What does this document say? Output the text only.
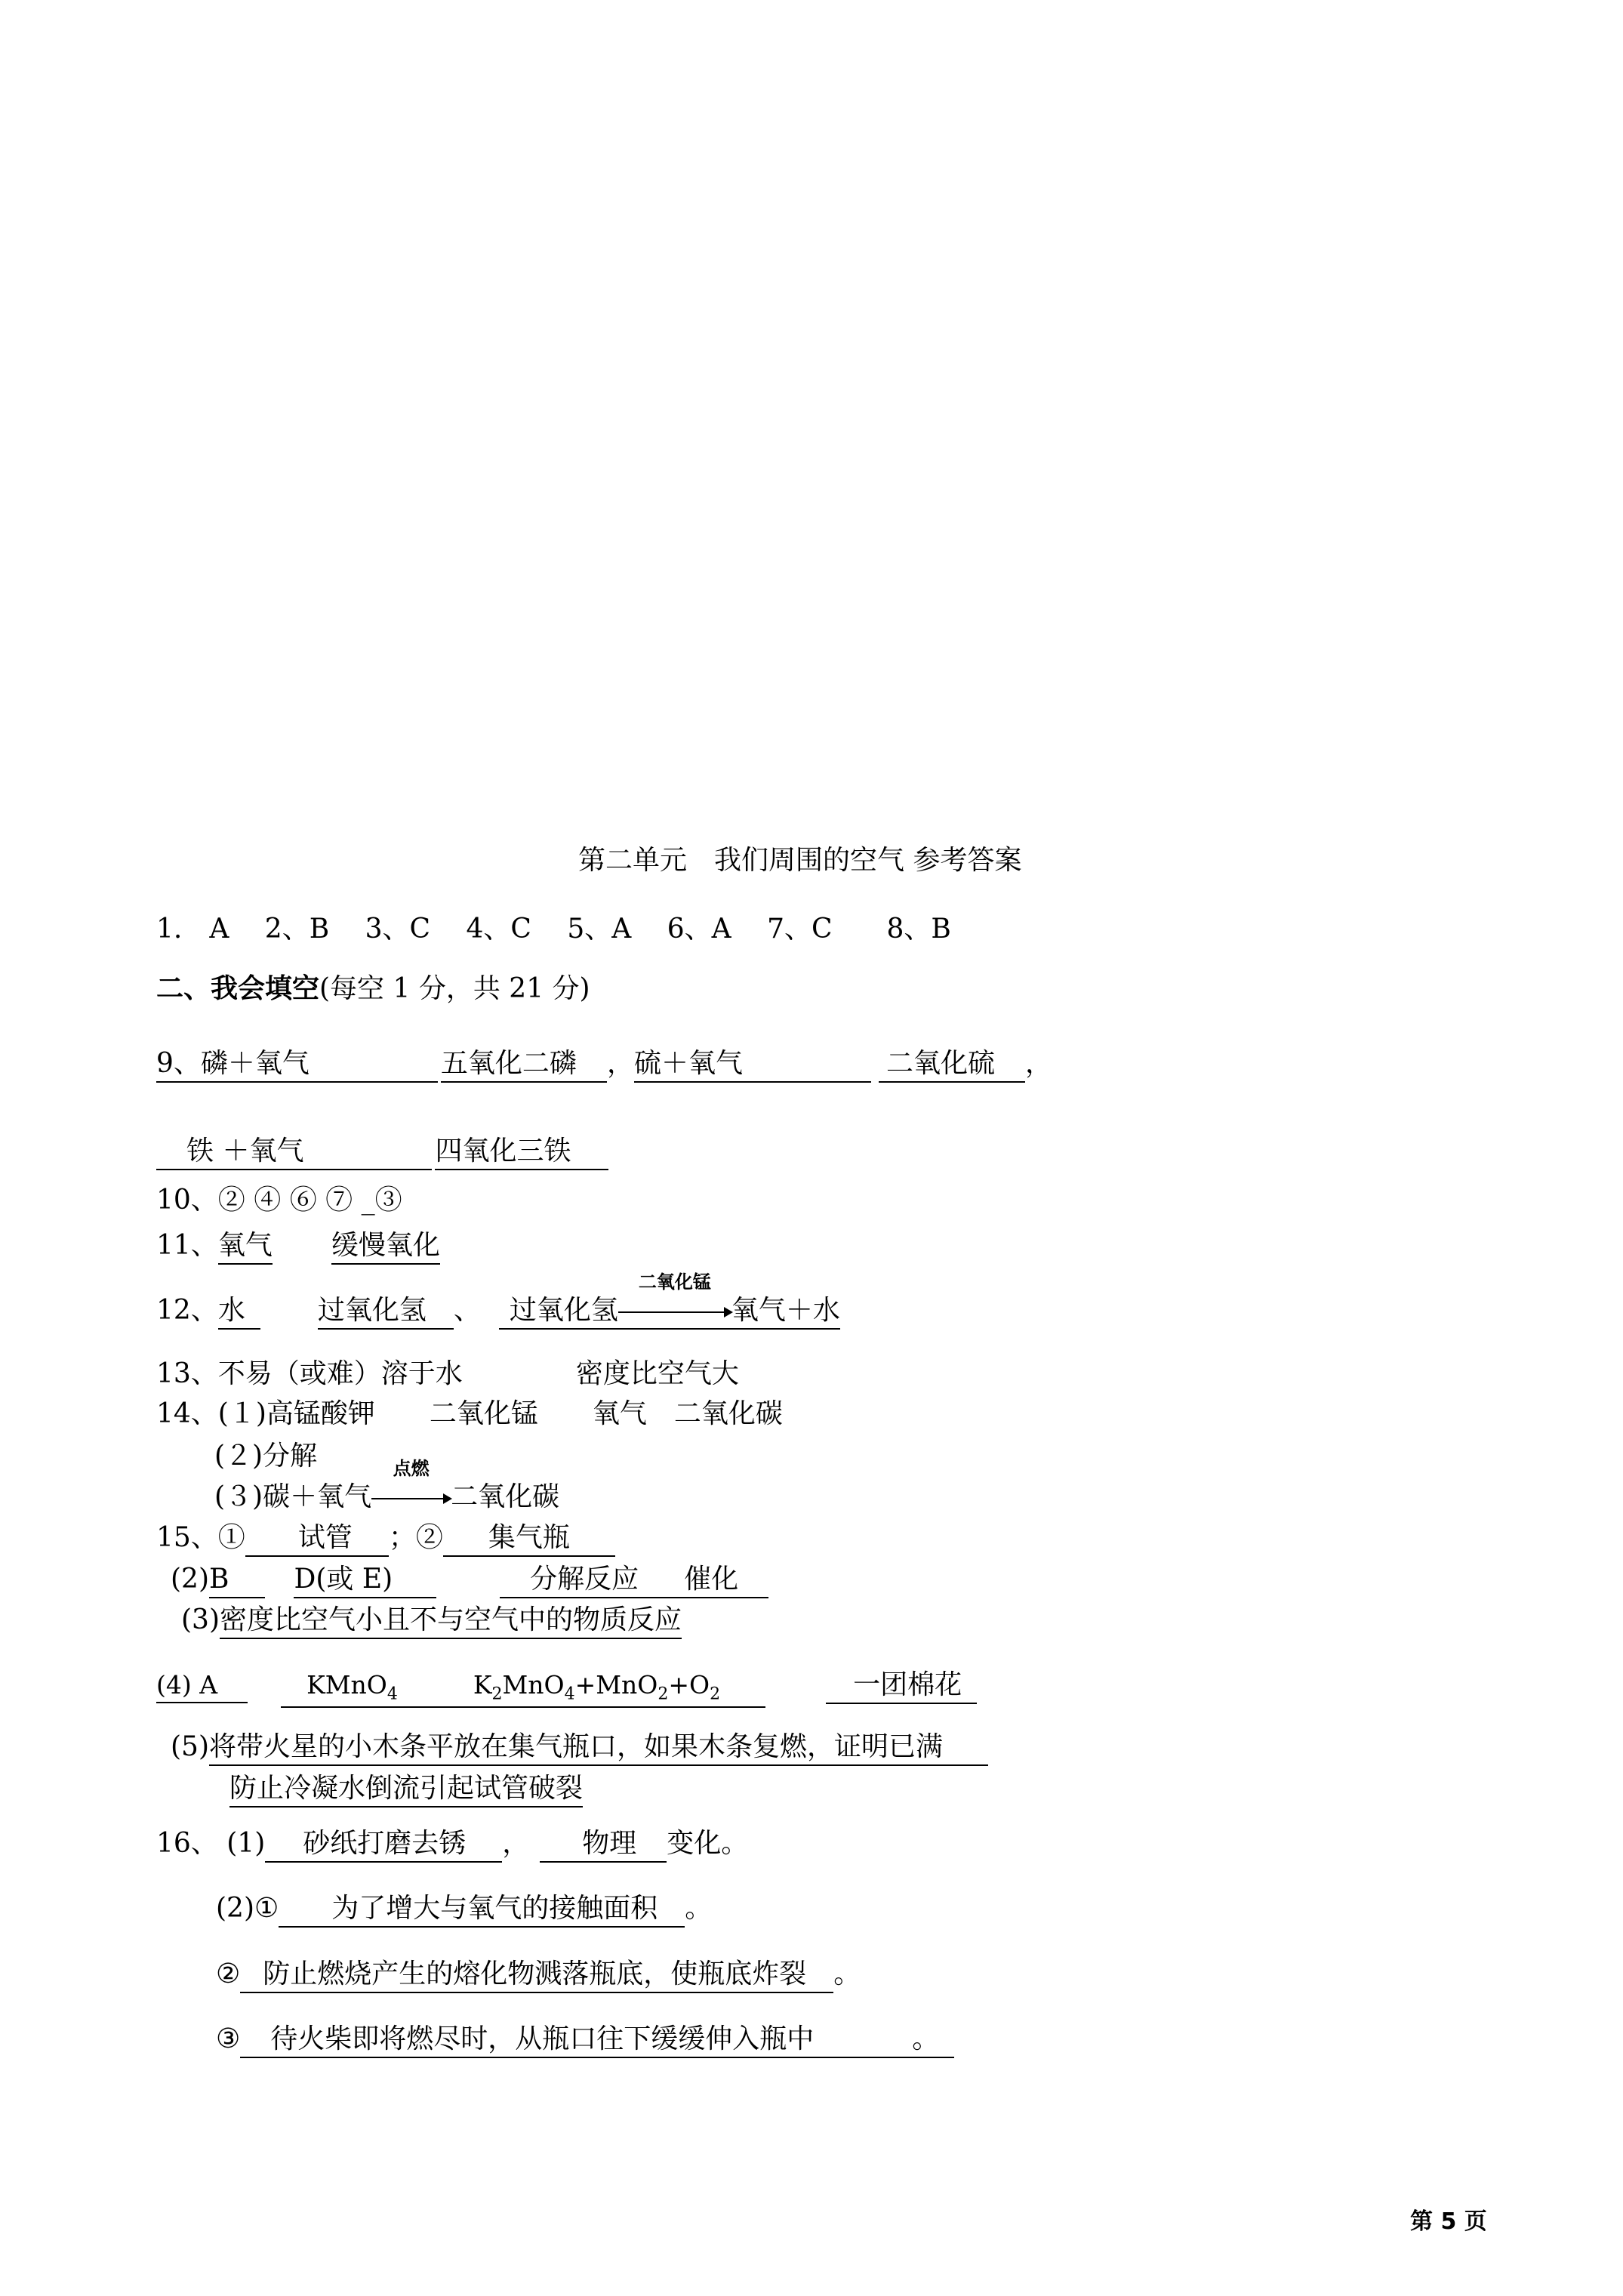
第二单元　我们周围的空气 参考答案
1.　A　 2、B　 3、C　 4、C　 5、A　 6、A　 7、C　　8、B
二、我会填空(每空 1 分，共 21 分)
9、磷＋氧气	五氧化二磷 ，硫＋氧气	二氧化硫 ，
铁 ＋氧气	四氧化三铁
10、② ④ ⑥ ⑦ _③
11、氧气 缓慢氧化
12、水	过氧化氢 、 过氧化氢
二氧化锰
氧气＋水
13、不易（或难）溶于水	密度比空气大
14、(１)高锰酸钾　　二氧化锰　　氧气　二氧化碳
(２)分解
(３)碳＋氧气
点燃
二氧化碳
15、① 试管 ；② 集气瓶
(2)B D(或 E)	分解反应 催化
(3)密度比空气小且不与空气中的物质反应
(4) A	KMnO$_4$	$K_2MnO_4+MnO_2+O_2$	一团棉花
(5)将带火星的小木条平放在集气瓶口，如果木条复燃，证明已满
防止冷凝水倒流引起试管破裂
16、 (1) 砂纸打磨去锈 ， 物理 变化。
(2)① 为了增大与氧气的接触面积 。
② 防止燃烧产生的熔化物溅落瓶底，使瓶底炸裂 。
③ 待火柴即将燃尽时，从瓶口往下缓缓伸入瓶中	。
第 5 页
